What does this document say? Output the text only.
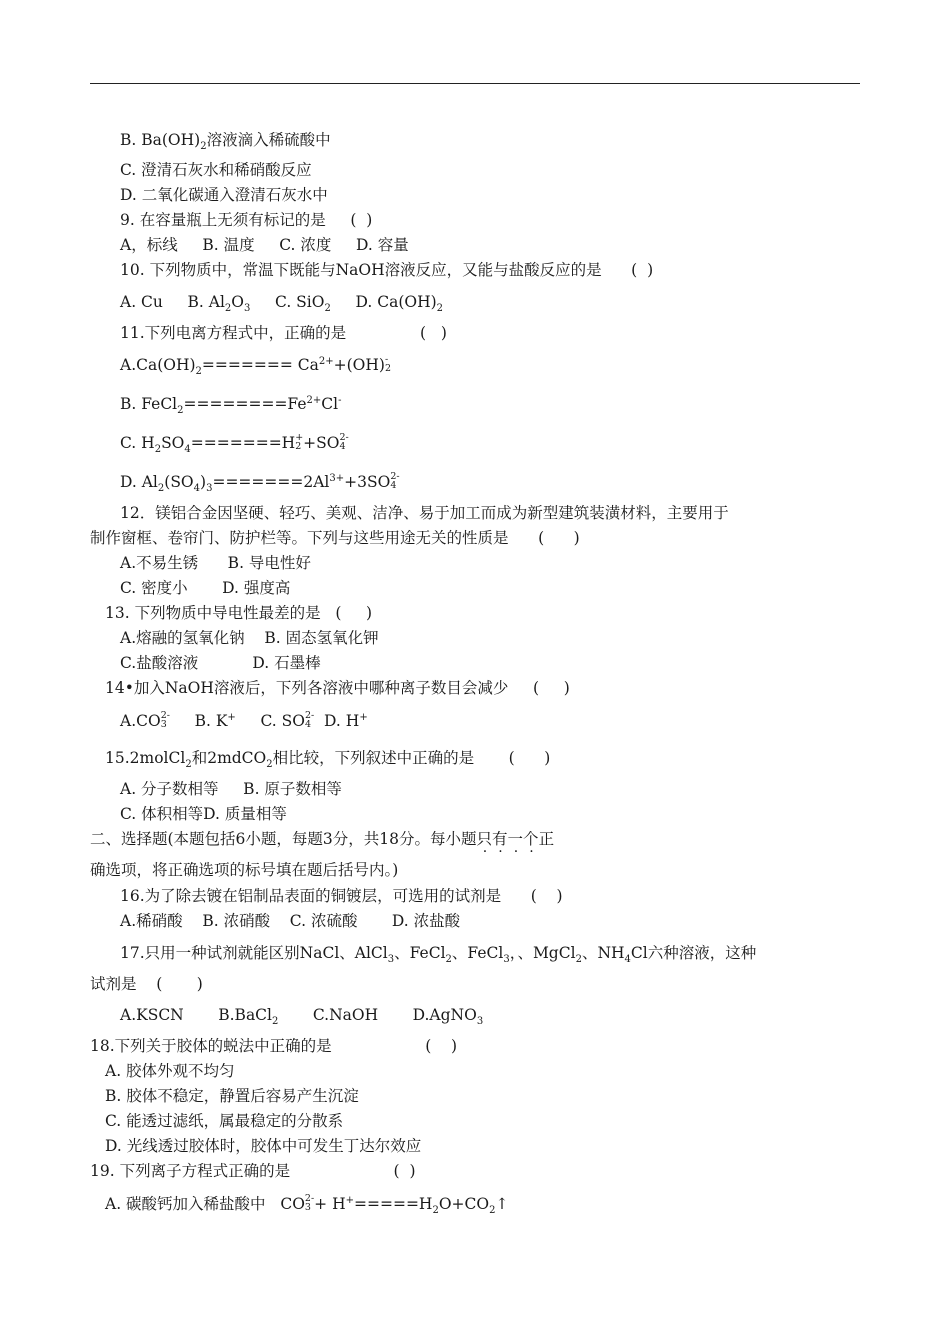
B. $Ba(OH)_2$溶液滴入稀硫酸中
C. 澄清石灰水和稀硝酸反应
D. 二氧化碳通入澄清石灰水中
9. 在容量瓶上无须有标记的是     (  )
A，标线     B. 温度     C. 浓度     D. 容量
10. 下列物质中，常温下既能与NaOH溶液反应，又能与盐酸反应的是      (  )
A. Cu     B. $Al_2O_3$     C. SiO$_2$     D. $Ca(OH)_2$
11.下列电离方程式中，正确的是               (   )
$A.Ca(OH)_2======= Ca^{2+}+(OH)$ -
2
B. $FeCl_2========Fe^{2+}Cl^-$
C. $H_2SO_4=======H$ +
2 +SO 2-
4
D. $Al_2(SO_4)_3=======2Al^{3+}+3SO$ 2-
4
12．镁铝合金因坚硬、轻巧、美观、洁净、易于加工而成为新型建筑装潢材料，主要用于
制作窗框、卷帘门、防护栏等。下列与这些用途无关的性质是      (      )
A.不易生锈      B. 导电性好
C. 密度小       D. 强度高
13. 下列物质中导电性最差的是   (     )
A.熔融的氢氧化钠    B. 固态氢氧化钾
C.盐酸溶液           D. 石墨棒
14•加入NaOH溶液后，下列各溶液中哪种离子数目会减少     (     )
A.CO 2-
3 B. K+     C. SO 2-
4 D. H+
15.2molCl$_2$和2mdCO$_2$相比较，下列叙述中正确的是       (      )
A. 分子数相等     B. 原子数相等
C. 体积相等D. 质量相等
二、选择题(本题包括6小题，每题3分，共18分。每小题只有一个正
确选项，将正确选项的标号填在题后括号内。)
16.为了除去镀在铝制品表面的铜镀层，可选用的试剂是      (    )
A.稀硝酸    B. 浓硝酸    C. 浓硫酸       D. 浓盐酸
17.只用一种试剂就能区别NaCl、AlCl$_3$、FeCl$_2$、FeCl$_3$，、MgCl$_2$、$NH_4Cl$六种溶液，这种
试剂是    (       )
A.KSCN       B.BaCl$_2$       C.NaOH       D.AgNO$_3$
18.下列关于胶体的蜕法中正确的是                   (    )
A. 胶体外观不均匀
B. 胶体不稳定，静置后容易产生沉淀
C. 能透过滤纸，属最稳定的分散系
D. 光线透过胶体时，胶体中可发生丁达尔效应
19. 下列离子方程式正确的是                     (  )
A. 碳酸钙加入稀盐酸中   CO 2-
$3 + H^+=====H_2O+CO_2↑$
